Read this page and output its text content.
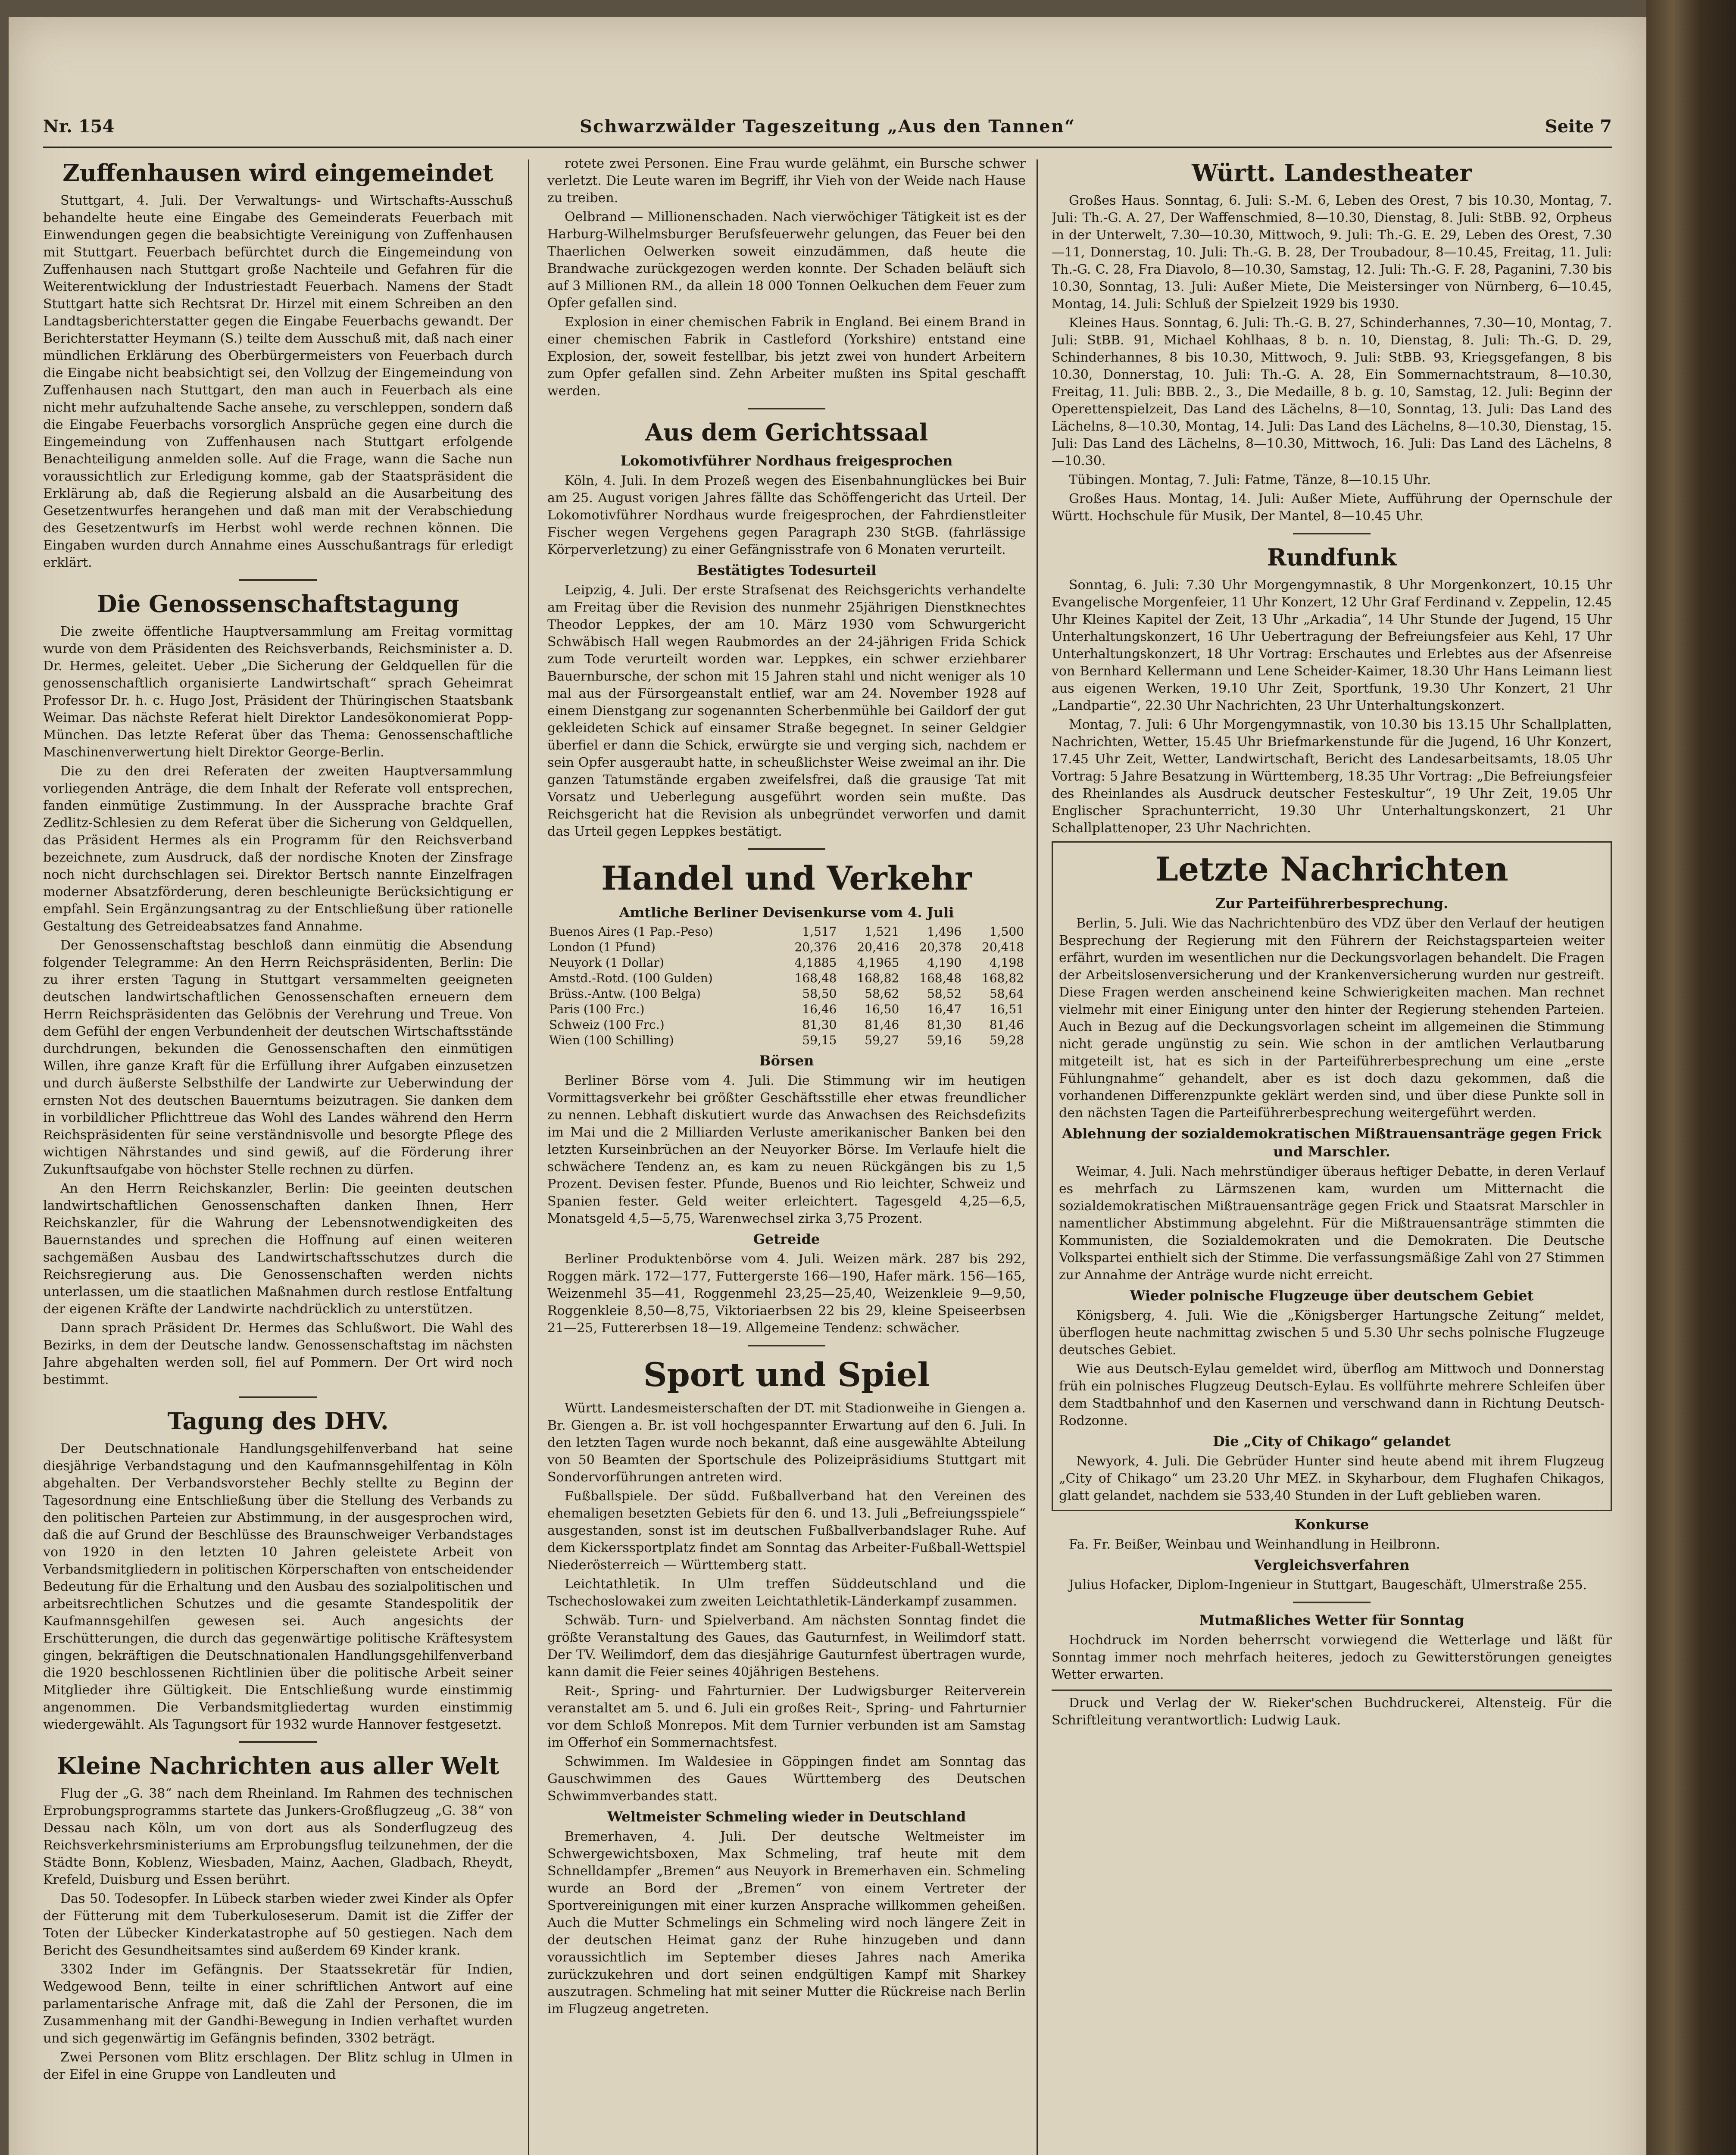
Nr. 154	Schwarzwälder Tageszeitung „Aus den Tannen“	Seite 7
Zuffenhausen wird eingemeindet

Stuttgart, 4. Juli. Der Verwaltungs- und Wirtschafts-Ausschuß behandelte heute eine Eingabe des Gemeinderats Feuerbach mit Einwendungen gegen die beabsichtigte Vereinigung von Zuffenhausen mit Stuttgart. Feuerbach befürchtet durch die Eingemeindung von Zuffenhausen nach Stuttgart große Nachteile und Gefahren für die Weiterentwicklung der Industriestadt Feuerbach. Namens der Stadt Stuttgart hatte sich Rechtsrat Dr. Hirzel mit einem Schreiben an den Landtagsberichterstatter gegen die Eingabe Feuerbachs gewandt. Der Berichterstatter Heymann (S.) teilte dem Ausschuß mit, daß nach einer mündlichen Erklärung des Oberbürgermeisters von Feuerbach durch die Eingabe nicht beabsichtigt sei, den Vollzug der Eingemeindung von Zuffenhausen nach Stuttgart, den man auch in Feuerbach als eine nicht mehr aufzuhaltende Sache ansehe, zu verschleppen, sondern daß die Eingabe Feuerbachs vorsorglich Ansprüche gegen eine durch die Eingemeindung von Zuffenhausen nach Stuttgart erfolgende Benachteiligung anmelden solle. Auf die Frage, wann die Sache nun voraussichtlich zur Erledigung komme, gab der Staatspräsident die Erklärung ab, daß die Regierung alsbald an die Ausarbeitung des Gesetzentwurfes herangehen und daß man mit der Verabschiedung des Gesetzentwurfs im Herbst wohl werde rechnen können. Die Eingaben wurden durch Annahme eines Ausschußantrags für erledigt erklärt.

Die Genossenschaftstagung

Die zweite öffentliche Hauptversammlung am Freitag vormittag wurde von dem Präsidenten des Reichsverbands, Reichsminister a. D. Dr. Hermes, geleitet. Ueber „Die Sicherung der Geldquellen für die genossenschaftlich organisierte Landwirtschaft“ sprach Geheimrat Professor Dr. h. c. Hugo Jost, Präsident der Thüringischen Staatsbank Weimar. Das nächste Referat hielt Direktor Landesökonomierat Popp-München. Das letzte Referat über das Thema: Genossenschaftliche Maschinenverwertung hielt Direktor George-Berlin.

Die zu den drei Referaten der zweiten Hauptversammlung vorliegenden Anträge, die dem Inhalt der Referate voll entsprechen, fanden einmütige Zustimmung. In der Aussprache brachte Graf Zedlitz-Schlesien zu dem Referat über die Sicherung von Geldquellen, das Präsident Hermes als ein Programm für den Reichsverband bezeichnete, zum Ausdruck, daß der nordische Knoten der Zinsfrage noch nicht durchschlagen sei. Direktor Bertsch nannte Einzelfragen moderner Absatzförderung, deren beschleunigte Berücksichtigung er empfahl. Sein Ergänzungsantrag zu der Entschließung über rationelle Gestaltung des Getreideabsatzes fand Annahme.

Der Genossenschaftstag beschloß dann einmütig die Absendung folgender Telegramme: An den Herrn Reichspräsidenten, Berlin: Die zu ihrer ersten Tagung in Stuttgart versammelten geeigneten deutschen landwirtschaftlichen Genossenschaften erneuern dem Herrn Reichspräsidenten das Gelöbnis der Verehrung und Treue. Von dem Gefühl der engen Verbundenheit der deutschen Wirtschaftsstände durchdrungen, bekunden die Genossenschaften den einmütigen Willen, ihre ganze Kraft für die Erfüllung ihrer Aufgaben einzusetzen und durch äußerste Selbsthilfe der Landwirte zur Ueberwindung der ernsten Not des deutschen Bauerntums beizutragen. Sie danken dem in vorbildlicher Pflichttreue das Wohl des Landes während den Herrn Reichspräsidenten für seine verständnisvolle und besorgte Pflege des wichtigen Nährstandes und sind gewiß, auf die Förderung ihrer Zukunftsaufgabe von höchster Stelle rechnen zu dürfen.

An den Herrn Reichskanzler, Berlin: Die geeinten deutschen landwirtschaftlichen Genossenschaften danken Ihnen, Herr Reichskanzler, für die Wahrung der Lebensnotwendigkeiten des Bauernstandes und sprechen die Hoffnung auf einen weiteren sachgemäßen Ausbau des Landwirtschaftsschutzes durch die Reichsregierung aus. Die Genossenschaften werden nichts unterlassen, um die staatlichen Maßnahmen durch restlose Entfaltung der eigenen Kräfte der Landwirte nachdrücklich zu unterstützen.

Dann sprach Präsident Dr. Hermes das Schlußwort. Die Wahl des Bezirks, in dem der Deutsche landw. Genossenschaftstag im nächsten Jahre abgehalten werden soll, fiel auf Pommern. Der Ort wird noch bestimmt.

Tagung des DHV.

Der Deutschnationale Handlungsgehilfenverband hat seine diesjährige Verbandstagung und den Kaufmannsgehilfentag in Köln abgehalten. Der Verbandsvorsteher Bechly stellte zu Beginn der Tagesordnung eine Entschließung über die Stellung des Verbands zu den politischen Parteien zur Abstimmung, in der ausgesprochen wird, daß die auf Grund der Beschlüsse des Braunschweiger Verbandstages von 1920 in den letzten 10 Jahren geleistete Arbeit von Verbandsmitgliedern in politischen Körperschaften von entscheidender Bedeutung für die Erhaltung und den Ausbau des sozialpolitischen und arbeitsrechtlichen Schutzes und die gesamte Standespolitik der Kaufmannsgehilfen gewesen sei. Auch angesichts der Erschütterungen, die durch das gegenwärtige politische Kräftesystem gingen, bekräftigen die Deutschnationalen Handlungsgehilfenverband die 1920 beschlossenen Richtlinien über die politische Arbeit seiner Mitglieder ihre Gültigkeit. Die Entschließung wurde einstimmig angenommen. Die Verbandsmitgliedertag wurden einstimmig wiedergewählt. Als Tagungsort für 1932 wurde Hannover festgesetzt.

Kleine Nachrichten aus aller Welt

Flug der „G. 38“ nach dem Rheinland. Im Rahmen des technischen Erprobungsprogramms startete das Junkers-Großflugzeug „G. 38“ von Dessau nach Köln, um von dort aus als Sonderflugzeug des Reichsverkehrsministeriums am Erprobungsflug teilzunehmen, der die Städte Bonn, Koblenz, Wiesbaden, Mainz, Aachen, Gladbach, Rheydt, Krefeld, Duisburg und Essen berührt.

Das 50. Todesopfer. In Lübeck starben wieder zwei Kinder als Opfer der Fütterung mit dem Tuberkuloseserum. Damit ist die Ziffer der Toten der Lübecker Kinderkatastrophe auf 50 gestiegen. Nach dem Bericht des Gesundheitsamtes sind außerdem 69 Kinder krank.

3302 Inder im Gefängnis. Der Staatssekretär für Indien, Wedgewood Benn, teilte in einer schriftlichen Antwort auf eine parlamentarische Anfrage mit, daß die Zahl der Personen, die im Zusammenhang mit der Gandhi-Bewegung in Indien verhaftet wurden und sich gegenwärtig im Gefängnis befinden, 3302 beträgt.

Zwei Personen vom Blitz erschlagen. Der Blitz schlug in Ulmen in der Eifel in eine Gruppe von Landleuten und

rotete zwei Personen. Eine Frau wurde gelähmt, ein Bursche schwer verletzt. Die Leute waren im Begriff, ihr Vieh von der Weide nach Hause zu treiben.

Oelbrand — Millionenschaden. Nach vierwöchiger Tätigkeit ist es der Harburg-Wilhelmsburger Berufsfeuerwehr gelungen, das Feuer bei den Thaerlichen Oelwerken soweit einzudämmen, daß heute die Brandwache zurückgezogen werden konnte. Der Schaden beläuft sich auf 3 Millionen RM., da allein 18 000 Tonnen Oelkuchen dem Feuer zum Opfer gefallen sind.

Explosion in einer chemischen Fabrik in England. Bei einem Brand in einer chemischen Fabrik in Castleford (Yorkshire) entstand eine Explosion, der, soweit festellbar, bis jetzt zwei von hundert Arbeitern zum Opfer gefallen sind. Zehn Arbeiter mußten ins Spital geschafft werden.

Aus dem Gerichtssaal
Lokomotivführer Nordhaus freigesprochen

Köln, 4. Juli. In dem Prozeß wegen des Eisenbahnunglückes bei Buir am 25. August vorigen Jahres fällte das Schöffengericht das Urteil. Der Lokomotivführer Nordhaus wurde freigesprochen, der Fahrdienstleiter Fischer wegen Vergehens gegen Paragraph 230 StGB. (fahrlässige Körperverletzung) zu einer Gefängnisstrafe von 6 Monaten verurteilt.

Bestätigtes Todesurteil

Leipzig, 4. Juli. Der erste Strafsenat des Reichsgerichts verhandelte am Freitag über die Revision des nunmehr 25jährigen Dienstknechtes Theodor Leppkes, der am 10. März 1930 vom Schwurgericht Schwäbisch Hall wegen Raubmordes an der 24-jährigen Frida Schick zum Tode verurteilt worden war. Leppkes, ein schwer erziehbarer Bauernbursche, der schon mit 15 Jahren stahl und nicht weniger als 10 mal aus der Fürsorgeanstalt entlief, war am 24. November 1928 auf einem Dienstgang zur sogenannten Scherbenmühle bei Gaildorf der gut gekleideten Schick auf einsamer Straße begegnet. In seiner Geldgier überfiel er dann die Schick, erwürgte sie und verging sich, nachdem er sein Opfer ausgeraubt hatte, in scheußlichster Weise zweimal an ihr. Die ganzen Tatumstände ergaben zweifelsfrei, daß die grausige Tat mit Vorsatz und Ueberlegung ausgeführt worden sein mußte. Das Reichsgericht hat die Revision als unbegründet verworfen und damit das Urteil gegen Leppkes bestätigt.

Handel und Verkehr
Amtliche Berliner Devisenkurse vom 4. Juli
Buenos Aires (1 Pap.-Peso)	1,517	1,521	1,496	1,500
London (1 Pfund)	20,376	20,416	20,378	20,418
Neuyork (1 Dollar)	4,1885	4,1965	4,190	4,198
Amstd.-Rotd. (100 Gulden)	168,48	168,82	168,48	168,82
Brüss.-Antw. (100 Belga)	58,50	58,62	58,52	58,64
Paris (100 Frc.)	16,46	16,50	16,47	16,51
Schweiz (100 Frc.)	81,30	81,46	81,30	81,46
Wien (100 Schilling)	59,15	59,27	59,16	59,28
Börsen

Berliner Börse vom 4. Juli. Die Stimmung wir im heutigen Vormittagsverkehr bei größter Geschäftsstille eher etwas freundlicher zu nennen. Lebhaft diskutiert wurde das Anwachsen des Reichsdefizits im Mai und die 2 Milliarden Verluste amerikanischer Banken bei den letzten Kurseinbrüchen an der Neuyorker Börse. Im Verlaufe hielt die schwächere Tendenz an, es kam zu neuen Rückgängen bis zu 1,5 Prozent. Devisen fester. Pfunde, Buenos und Rio leichter, Schweiz und Spanien fester. Geld weiter erleichtert. Tagesgeld 4,25—6,5, Monatsgeld 4,5—5,75, Warenwechsel zirka 3,75 Prozent.

Getreide

Berliner Produktenbörse vom 4. Juli. Weizen märk. 287 bis 292, Roggen märk. 172—177, Futtergerste 166—190, Hafer märk. 156—165, Weizenmehl 35—41, Roggenmehl 23,25—25,40, Weizenkleie 9—9,50, Roggenkleie 8,50—8,75, Viktoriaerbsen 22 bis 29, kleine Speiseerbsen 21—25, Futtererbsen 18—19. Allgemeine Tendenz: schwächer.

Sport und Spiel

Württ. Landesmeisterschaften der DT. mit Stadionweihe in Giengen a. Br. Giengen a. Br. ist voll hochgespannter Erwartung auf den 6. Juli. In den letzten Tagen wurde noch bekannt, daß eine ausgewählte Abteilung von 50 Beamten der Sportschule des Polizeipräsidiums Stuttgart mit Sondervorführungen antreten wird.

Fußballspiele. Der südd. Fußballverband hat den Vereinen des ehemaligen besetzten Gebiets für den 6. und 13. Juli „Befreiungsspiele“ ausgestanden, sonst ist im deutschen Fußballverbandslager Ruhe. Auf dem Kickerssportplatz findet am Sonntag das Arbeiter-Fußball-Wettspiel Niederösterreich — Württemberg statt.

Leichtathletik. In Ulm treffen Süddeutschland und die Tschechoslowakei zum zweiten Leichtathletik-Länderkampf zusammen.

Schwäb. Turn- und Spielverband. Am nächsten Sonntag findet die größte Veranstaltung des Gaues, das Gauturnfest, in Weilimdorf statt. Der TV. Weilimdorf, dem das diesjährige Gauturnfest übertragen wurde, kann damit die Feier seines 40jährigen Bestehens.

Reit-, Spring- und Fahrturnier. Der Ludwigsburger Reiterverein veranstaltet am 5. und 6. Juli ein großes Reit-, Spring- und Fahrturnier vor dem Schloß Monrepos. Mit dem Turnier verbunden ist am Samstag im Offerhof ein Sommernachtsfest.

Schwimmen. Im Waldesiee in Göppingen findet am Sonntag das Gauschwimmen des Gaues Württemberg des Deutschen Schwimmverbandes statt.

Weltmeister Schmeling wieder in Deutschland

Bremerhaven, 4. Juli. Der deutsche Weltmeister im Schwergewichtsboxen, Max Schmeling, traf heute mit dem Schnelldampfer „Bremen“ aus Neuyork in Bremerhaven ein. Schmeling wurde an Bord der „Bremen“ von einem Vertreter der Sportvereinigungen mit einer kurzen Ansprache willkommen geheißen. Auch die Mutter Schmelings ein Schmeling wird noch längere Zeit in der deutschen Heimat ganz der Ruhe hinzugeben und dann voraussichtlich im September dieses Jahres nach Amerika zurückzukehren und dort seinen endgültigen Kampf mit Sharkey auszutragen. Schmeling hat mit seiner Mutter die Rückreise nach Berlin im Flugzeug angetreten.

Württ. Landestheater

Großes Haus. Sonntag, 6. Juli: S.-M. 6, Leben des Orest, 7 bis 10.30, Montag, 7. Juli: Th.-G. A. 27, Der Waffenschmied, 8—10.30, Dienstag, 8. Juli: StBB. 92, Orpheus in der Unterwelt, 7.30—10.30, Mittwoch, 9. Juli: Th.-G. E. 29, Leben des Orest, 7.30—11, Donnerstag, 10. Juli: Th.-G. B. 28, Der Troubadour, 8—10.45, Freitag, 11. Juli: Th.-G. C. 28, Fra Diavolo, 8—10.30, Samstag, 12. Juli: Th.-G. F. 28, Paganini, 7.30 bis 10.30, Sonntag, 13. Juli: Außer Miete, Die Meistersinger von Nürnberg, 6—10.45, Montag, 14. Juli: Schluß der Spielzeit 1929 bis 1930.

Kleines Haus. Sonntag, 6. Juli: Th.-G. B. 27, Schinderhannes, 7.30—10, Montag, 7. Juli: StBB. 91, Michael Kohlhaas, 8 b. n. 10, Dienstag, 8. Juli: Th.-G. D. 29, Schinderhannes, 8 bis 10.30, Mittwoch, 9. Juli: StBB. 93, Kriegsgefangen, 8 bis 10.30, Donnerstag, 10. Juli: Th.-G. A. 28, Ein Sommernachtstraum, 8—10.30, Freitag, 11. Juli: BBB. 2., 3., Die Medaille, 8 b. g. 10, Samstag, 12. Juli: Beginn der Operettenspielzeit, Das Land des Lächelns, 8—10, Sonntag, 13. Juli: Das Land des Lächelns, 8—10.30, Montag, 14. Juli: Das Land des Lächelns, 8—10.30, Dienstag, 15. Juli: Das Land des Lächelns, 8—10.30, Mittwoch, 16. Juli: Das Land des Lächelns, 8—10.30.

Tübingen. Montag, 7. Juli: Fatme, Tänze, 8—10.15 Uhr.

Großes Haus. Montag, 14. Juli: Außer Miete, Aufführung der Opernschule der Württ. Hochschule für Musik, Der Mantel, 8—10.45 Uhr.

Rundfunk

Sonntag, 6. Juli: 7.30 Uhr Morgengymnastik, 8 Uhr Morgenkonzert, 10.15 Uhr Evangelische Morgenfeier, 11 Uhr Konzert, 12 Uhr Graf Ferdinand v. Zeppelin, 12.45 Uhr Kleines Kapitel der Zeit, 13 Uhr „Arkadia“, 14 Uhr Stunde der Jugend, 15 Uhr Unterhaltungskonzert, 16 Uhr Uebertragung der Befreiungsfeier aus Kehl, 17 Uhr Unterhaltungskonzert, 18 Uhr Vortrag: Erschautes und Erlebtes aus der Afsenreise von Bernhard Kellermann und Lene Scheider-Kaimer, 18.30 Uhr Hans Leimann liest aus eigenen Werken, 19.10 Uhr Zeit, Sportfunk, 19.30 Uhr Konzert, 21 Uhr „Landpartie“, 22.30 Uhr Nachrichten, 23 Uhr Unterhaltungskonzert.

Montag, 7. Juli: 6 Uhr Morgengymnastik, von 10.30 bis 13.15 Uhr Schallplatten, Nachrichten, Wetter, 15.45 Uhr Briefmarkenstunde für die Jugend, 16 Uhr Konzert, 17.45 Uhr Zeit, Wetter, Landwirtschaft, Bericht des Landesarbeitsamts, 18.05 Uhr Vortrag: 5 Jahre Besatzung in Württemberg, 18.35 Uhr Vortrag: „Die Befreiungsfeier des Rheinlandes als Ausdruck deutscher Festeskultur“, 19 Uhr Zeit, 19.05 Uhr Englischer Sprachunterricht, 19.30 Uhr Unterhaltungskonzert, 21 Uhr Schallplattenoper, 23 Uhr Nachrichten.

Letzte Nachrichten
Zur Parteiführerbesprechung.

Berlin, 5. Juli. Wie das Nachrichtenbüro des VDZ über den Verlauf der heutigen Besprechung der Regierung mit den Führern der Reichstagsparteien weiter erfährt, wurden im wesentlichen nur die Deckungsvorlagen behandelt. Die Fragen der Arbeitslosenversicherung und der Krankenversicherung wurden nur gestreift. Diese Fragen werden anscheinend keine Schwierigkeiten machen. Man rechnet vielmehr mit einer Einigung unter den hinter der Regierung stehenden Parteien. Auch in Bezug auf die Deckungsvorlagen scheint im allgemeinen die Stimmung nicht gerade ungünstig zu sein. Wie schon in der amtlichen Verlautbarung mitgeteilt ist, hat es sich in der Parteiführerbesprechung um eine „erste Fühlungnahme“ gehandelt, aber es ist doch dazu gekommen, daß die vorhandenen Differenzpunkte geklärt werden sind, und über diese Punkte soll in den nächsten Tagen die Parteiführerbesprechung weitergeführt werden.

Ablehnung der sozialdemokratischen Mißtrauensanträge gegen Frick und Marschler.

Weimar, 4. Juli. Nach mehrstündiger überaus heftiger Debatte, in deren Verlauf es mehrfach zu Lärmszenen kam, wurden um Mitternacht die sozialdemokratischen Mißtrauensanträge gegen Frick und Staatsrat Marschler in namentlicher Abstimmung abgelehnt. Für die Mißtrauensanträge stimmten die Kommunisten, die Sozialdemokraten und die Demokraten. Die Deutsche Volkspartei enthielt sich der Stimme. Die verfassungsmäßige Zahl von 27 Stimmen zur Annahme der Anträge wurde nicht erreicht.

Wieder polnische Flugzeuge über deutschem Gebiet

Königsberg, 4. Juli. Wie die „Königsberger Hartungsche Zeitung“ meldet, überflogen heute nachmittag zwischen 5 und 5.30 Uhr sechs polnische Flugzeuge deutsches Gebiet.

Wie aus Deutsch-Eylau gemeldet wird, überflog am Mittwoch und Donnerstag früh ein polnisches Flugzeug Deutsch-Eylau. Es vollführte mehrere Schleifen über dem Stadtbahnhof und den Kasernen und verschwand dann in Richtung Deutsch-Rodzonne.

Die „City of Chikago“ gelandet

Newyork, 4. Juli. Die Gebrüder Hunter sind heute abend mit ihrem Flugzeug „City of Chikago“ um 23.20 Uhr MEZ. in Skyharbour, dem Flughafen Chikagos, glatt gelandet, nachdem sie 533,40 Stunden in der Luft geblieben waren.

Konkurse

Fa. Fr. Beißer, Weinbau und Weinhandlung in Heilbronn.

Vergleichsverfahren

Julius Hofacker, Diplom-Ingenieur in Stuttgart, Baugeschäft, Ulmerstraße 255.

Mutmaßliches Wetter für Sonntag

Hochdruck im Norden beherrscht vorwiegend die Wetterlage und läßt für Sonntag immer noch mehrfach heiteres, jedoch zu Gewitterstörungen geneigtes Wetter erwarten.

Druck und Verlag der W. Rieker'schen Buchdruckerei, Altensteig. Für die Schriftleitung verantwortlich: Ludwig Lauk.
